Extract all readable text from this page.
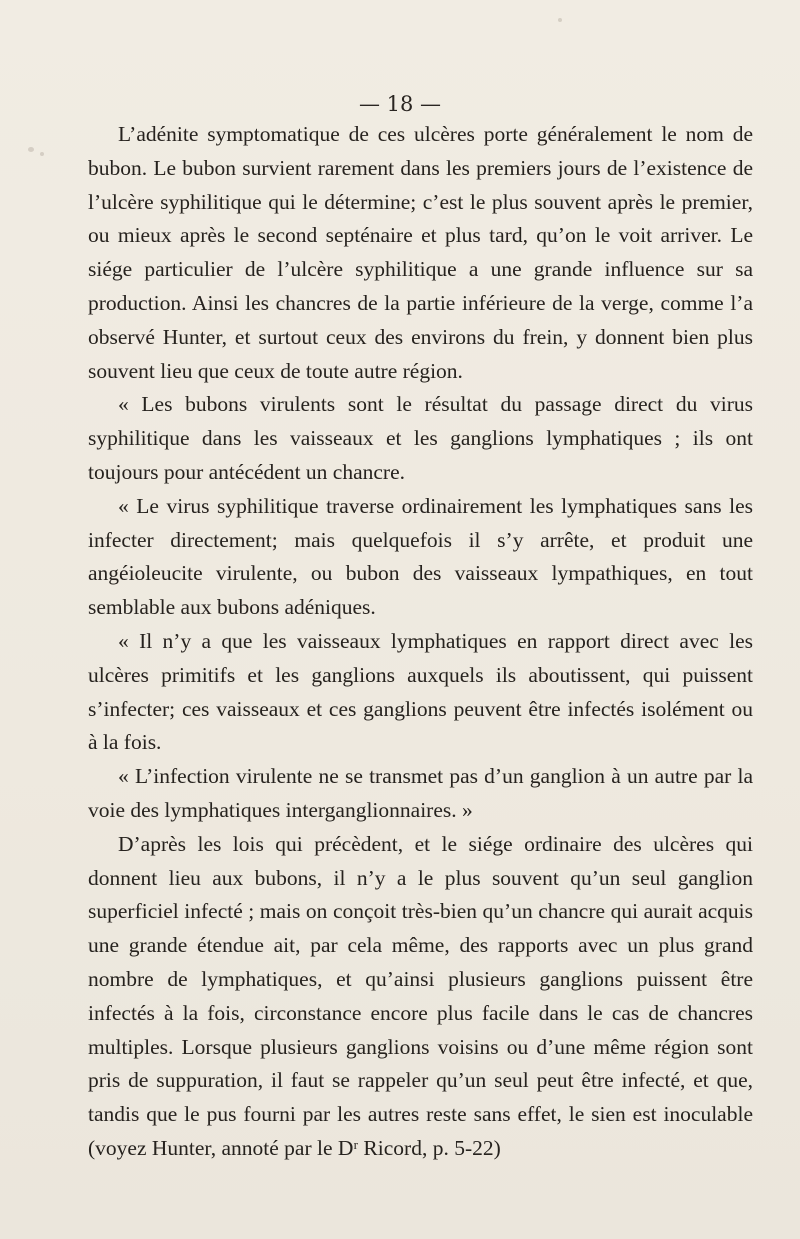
— 18 —

L’adénite symptomatique de ces ulcères porte généralement le nom de bubon. Le bubon survient rarement dans les premiers jours de l’existence de l’ulcère syphilitique qui le détermine; c’est le plus souvent après le premier, ou mieux après le second septénaire et plus tard, qu’on le voit arriver. Le siége particulier de l’ulcère syphilitique a une grande influence sur sa production. Ainsi les chancres de la partie inférieure de la verge, comme l’a observé Hunter, et surtout ceux des environs du frein, y donnent bien plus souvent lieu que ceux de toute autre région.

« Les bubons virulents sont le résultat du passage direct du virus syphilitique dans les vaisseaux et les ganglions lymphatiques ; ils ont toujours pour antécédent un chancre.

« Le virus syphilitique traverse ordinairement les lymphatiques sans les infecter directement; mais quelquefois il s’y arrête, et produit une angéioleucite virulente, ou bubon des vaisseaux lympathiques, en tout semblable aux bubons adéniques.

« Il n’y a que les vaisseaux lymphatiques en rapport direct avec les ulcères primitifs et les ganglions auxquels ils aboutissent, qui puissent s’infecter; ces vaisseaux et ces ganglions peuvent être infectés isolément ou à la fois.

« L’infection virulente ne se transmet pas d’un ganglion à un autre par la voie des lymphatiques interganglionnaires. »

D’après les lois qui précèdent, et le siége ordinaire des ulcères qui donnent lieu aux bubons, il n’y a le plus souvent qu’un seul ganglion superficiel infecté ; mais on conçoit très-bien qu’un chancre qui aurait acquis une grande étendue ait, par cela même, des rapports avec un plus grand nombre de lymphatiques, et qu’ainsi plusieurs ganglions puissent être infectés à la fois, circonstance encore plus facile dans le cas de chancres multiples. Lorsque plusieurs ganglions voisins ou d’une même région sont pris de suppuration, il faut se rappeler qu’un seul peut être infecté, et que, tandis que le pus fourni par les autres reste sans effet, le sien est inoculable (voyez Hunter, annoté par le Dʳ Ricord, p. 5-22)
